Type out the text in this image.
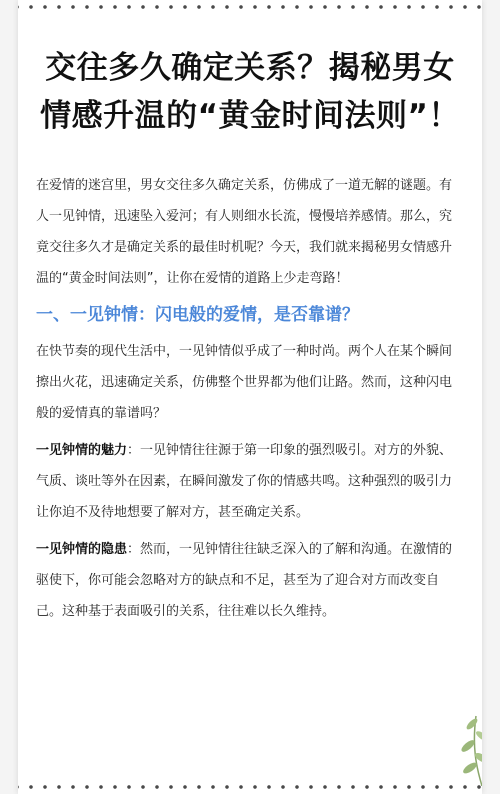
交往多久确定关系？揭秘男女情感升温的“黄金时间法则”！

在爱情的迷宫里，男女交往多久确定关系，仿佛成了一道无解的谜题。有人一见钟情，迅速坠入爱河；有人则细水长流，慢慢培养感情。那么，究竟交往多久才是确定关系的最佳时机呢？今天，我们就来揭秘男女情感升温的“黄金时间法则”，让你在爱情的道路上少走弯路！

一、一见钟情：闪电般的爱情，是否靠谱？

在快节奏的现代生活中，一见钟情似乎成了一种时尚。两个人在某个瞬间擦出火花，迅速确定关系，仿佛整个世界都为他们让路。然而，这种闪电般的爱情真的靠谱吗？

一见钟情的魅力：一见钟情往往源于第一印象的强烈吸引。对方的外貌、气质、谈吐等外在因素，在瞬间激发了你的情感共鸣。这种强烈的吸引力让你迫不及待地想要了解对方，甚至确定关系。

一见钟情的隐患：然而，一见钟情往往缺乏深入的了解和沟通。在激情的驱使下，你可能会忽略对方的缺点和不足，甚至为了迎合对方而改变自己。这种基于表面吸引的关系，往往难以长久维持。
